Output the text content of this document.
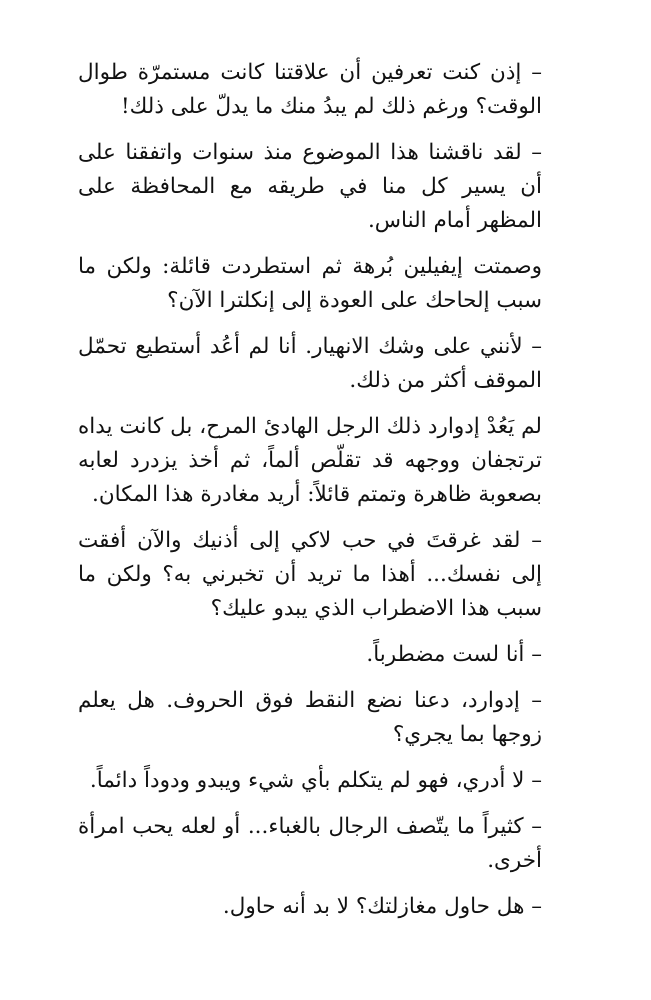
– إذن كنت تعرفين أن علاقتنا كانت مستمرّة طوال الوقت؟ ورغم ذلك لم يبدُ منك ما يدلّ على ذلك!

– لقد ناقشنا هذا الموضوع منذ سنوات واتفقنا على أن يسير كل منا في طريقه مع المحافظة على المظهر أمام الناس.

وصمتت إيفيلين بُرهة ثم استطردت قائلة: ولكن ما سبب إلحاحك على العودة إلى إنكلترا الآن؟

– لأنني على وشك الانهيار. أنا لم أعُد أستطيع تحمّل الموقف أكثر من ذلك.

لم يَعُدْ إدوارد ذلك الرجل الهادئ المرح، بل كانت يداه ترتجفان ووجهه قد تقلّص ألماً، ثم أخذ يزدرد لعابه بصعوبة ظاهرة وتمتم قائلاً: أريد مغادرة هذا المكان.

– لقد غرقتَ في حب لاكي إلى أذنيك والآن أفقت إلى نفسك... أهذا ما تريد أن تخبرني به؟ ولكن ما سبب هذا الاضطراب الذي يبدو عليك؟

– أنا لست مضطرباً.

– إدوارد، دعنا نضع النقط فوق الحروف. هل يعلم زوجها بما يجري؟

– لا أدري، فهو لم يتكلم بأي شيء ويبدو ودوداً دائماً.

– كثيراً ما يتّصف الرجال بالغباء... أو لعله يحب امرأة أخرى.

– هل حاول مغازلتك؟ لا بد أنه حاول.
